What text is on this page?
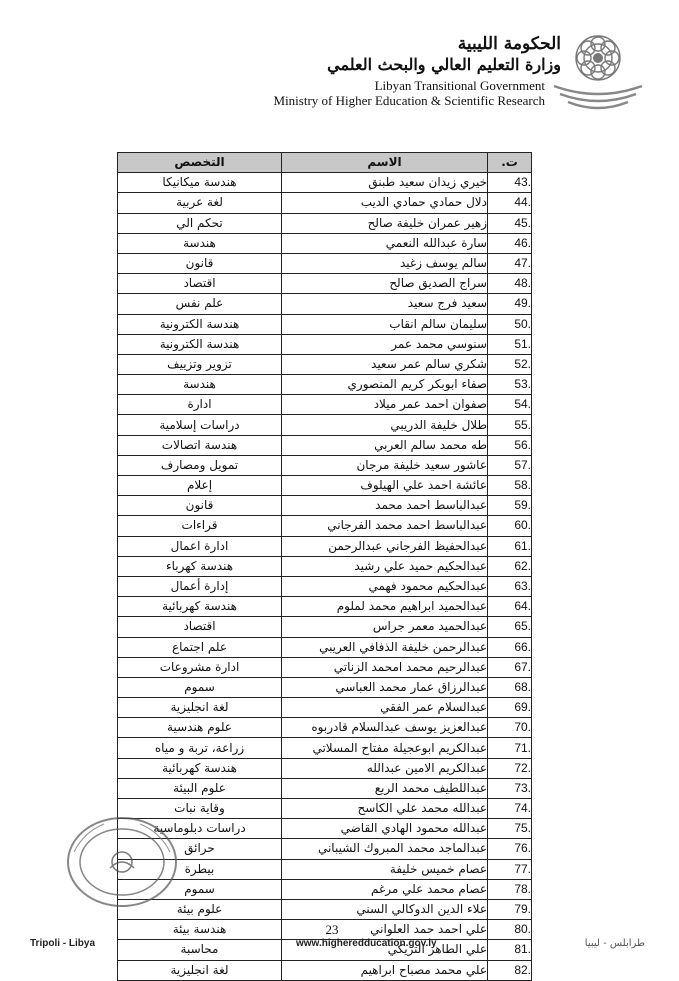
الحكومة الليبية
وزارة التعليم العالي والبحث العلمي
Libyan Transitional Government
Ministry of Higher Education & Scientific Research
ت.	الاسم	التخصص
43.	خيري زيدان سعيد طبنق	هندسة ميكانيكا
44.	دلال حمادي حمادي الديب	لغة عربية
45.	زهير عمران خليفة صالح	تحكم الي
46.	سارة عبدالله النعمي	هندسة
47.	سالم يوسف زغيد	قانون
48.	سراج الصديق صالح	اقتصاد
49.	سعيد فرج سعيد	علم نفس
50.	سليمان سالم انقاب	هندسة الكترونية
51.	سنوسي محمد عمر	هندسة الكترونية
52.	شكري سالم عمر سعيد	تزوير وتزييف
53.	صفاء ابوبكر كريم المنصوري	هندسة
54.	صفوان احمد عمر ميلاد	ادارة
55.	طلال خليفة الدريبي	دراسات إسلامية
56.	طه محمد سالم العربي	هندسة اتصالات
57.	عاشور سعيد خليفة مرجان	تمويل ومصارف
58.	عائشة احمد علي الهيلوف	إعلام
59.	عبدالباسط احمد محمد	قانون
60.	عبدالباسط احمد محمد الفرجاني	قراءات
61.	عبدالحفيظ الفرجاني عبدالرحمن	ادارة اعمال
62.	عبدالحكيم حميد علي رشيد	هندسة كهرباء
63.	عبدالحكيم محمود فهمي	إدارة أعمال
64.	عبدالحميد ابراهيم محمد لملوم	هندسة كهربائية
65.	عبدالحميد معمر جراس	اقتصاد
66.	عبدالرحمن خليفة الذفافي العريبي	علم اجتماع
67.	عبدالرحيم محمد امحمد الزناتي	ادارة مشروعات
68.	عبدالرزاق عمار محمد العباسي	سموم
69.	عبدالسلام عمر الفقي	لغة انجليزية
70.	عبدالعزيز يوسف عبدالسلام قادربوه	علوم هندسية
71.	عبدالكريم ابوعجيلة مفتاح المسلاتي	زراعة، تربة و مياه
72.	عبدالكريم الامين عبدالله	هندسة كهربائية
73.	عبداللطيف محمد الربع	علوم البيئة
74.	عبدالله محمد علي الكاسح	وقاية نبات
75.	عبدالله محمود الهادي القاضي	دراسات دبلوماسية
76.	عبدالماجد محمد المبروك الشيباني	حرائق
77.	عصام خميس خليفة	بيطرة
78.	عصام محمد علي مرغم	سموم
79.	علاء الدين الدوكالي السني	علوم بيئة
80.	علي احمد حمد العلواني	هندسة بيئة
81.	علي الطاهر التريكي	محاسبة
82.	علي محمد مصباح ابراهيم	لغة انجليزية
23
Tripoli - Libya	www.higheredducation.gov.ly	طرابلس - ليبيا
